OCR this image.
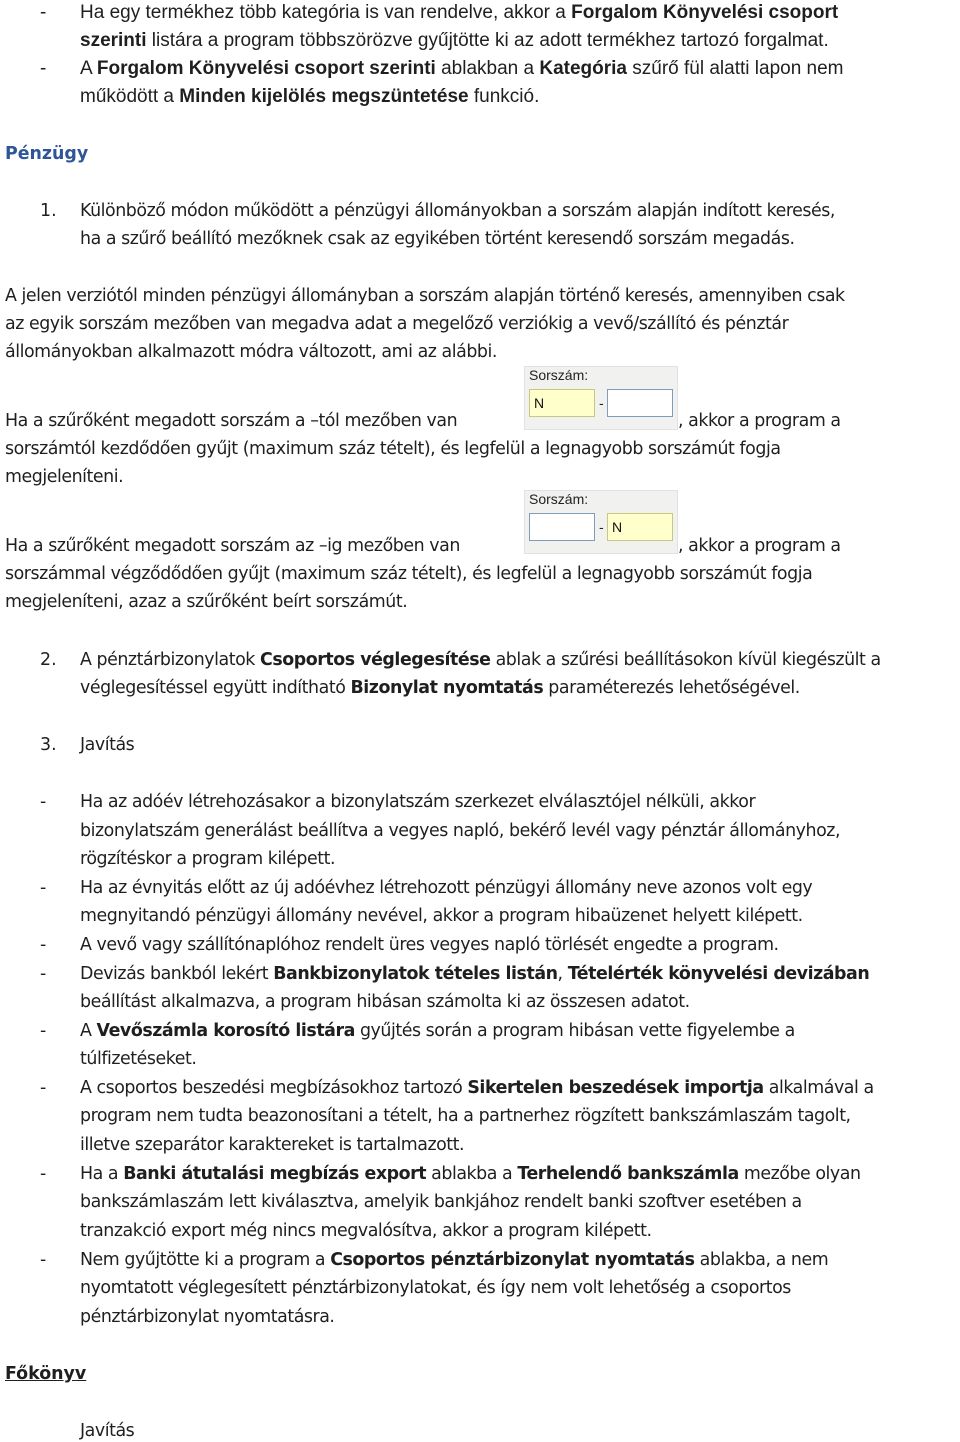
- Ha egy termékhez több kategória is van rendelve, akkor a Forgalom Könyvelési csoport
szerinti listára a program többszörözve gyűjtötte ki az adott termékhez tartozó forgalmat.
- A Forgalom Könyvelési csoport szerinti ablakban a Kategória szűrő fül alatti lapon nem
működött a Minden kijelölés megszüntetése funkció.
Pénzügy
1. Különböző módon működött a pénzügyi állományokban a sorszám alapján indított keresés,
ha a szűrő beállító mezőknek csak az egyikében történt keresendő sorszám megadás.
A jelen verziótól minden pénzügyi állományban a sorszám alapján történő keresés, amennyiben csak
az egyik sorszám mezőben van megadva adat a megelőző verziókig a vevő/szállító és pénztár
állományokban alkalmazott módra változott, ami az alábbi.
Sorszám:
N	-
Ha a szűrőként megadott sorszám a –tól mezőben van	, akkor a program a
sorszámtól kezdődően gyűjt (maximum száz tételt), és legfelül a legnagyobb sorszámút fogja
megjeleníteni.
Sorszám:
- N
Ha a szűrőként megadott sorszám az –ig mezőben van	, akkor a program a
sorszámmal végződődően gyűjt (maximum száz tételt), és legfelül a legnagyobb sorszámút fogja
megjeleníteni, azaz a szűrőként beírt sorszámút.
2. A pénztárbizonylatok Csoportos véglegesítése ablak a szűrési beállításokon kívül kiegészült a
véglegesítéssel együtt indítható Bizonylat nyomtatás paraméterezés lehetőségével.
3. Javítás
- Ha az adóév létrehozásakor a bizonylatszám szerkezet elválasztójel nélküli, akkor
bizonylatszám generálást beállítva a vegyes napló, bekérő levél vagy pénztár állományhoz,
rögzítéskor a program kilépett.
- Ha az évnyitás előtt az új adóévhez létrehozott pénzügyi állomány neve azonos volt egy
megnyitandó pénzügyi állomány nevével, akkor a program hibaüzenet helyett kilépett.
- A vevő vagy szállítónaplóhoz rendelt üres vegyes napló törlését engedte a program.
- Devizás bankból lekért Bankbizonylatok tételes listán, Tételérték könyvelési devizában
beállítást alkalmazva, a program hibásan számolta ki az összesen adatot.
- A Vevőszámla korosító listára gyűjtés során a program hibásan vette figyelembe a
túlfizetéseket.
- A csoportos beszedési megbízásokhoz tartozó Sikertelen beszedések importja alkalmával a
program nem tudta beazonosítani a tételt, ha a partnerhez rögzített bankszámlaszám tagolt,
illetve szeparátor karaktereket is tartalmazott.
- Ha a Banki átutalási megbízás export ablakba a Terhelendő bankszámla mezőbe olyan
bankszámlaszám lett kiválasztva, amelyik bankjához rendelt banki szoftver esetében a
tranzakció export még nincs megvalósítva, akkor a program kilépett.
- Nem gyűjtötte ki a program a Csoportos pénztárbizonylat nyomtatás ablakba, a nem
nyomtatott véglegesített pénztárbizonylatokat, és így nem volt lehetőség a csoportos
pénztárbizonylat nyomtatásra.
Főkönyv
Javítás
